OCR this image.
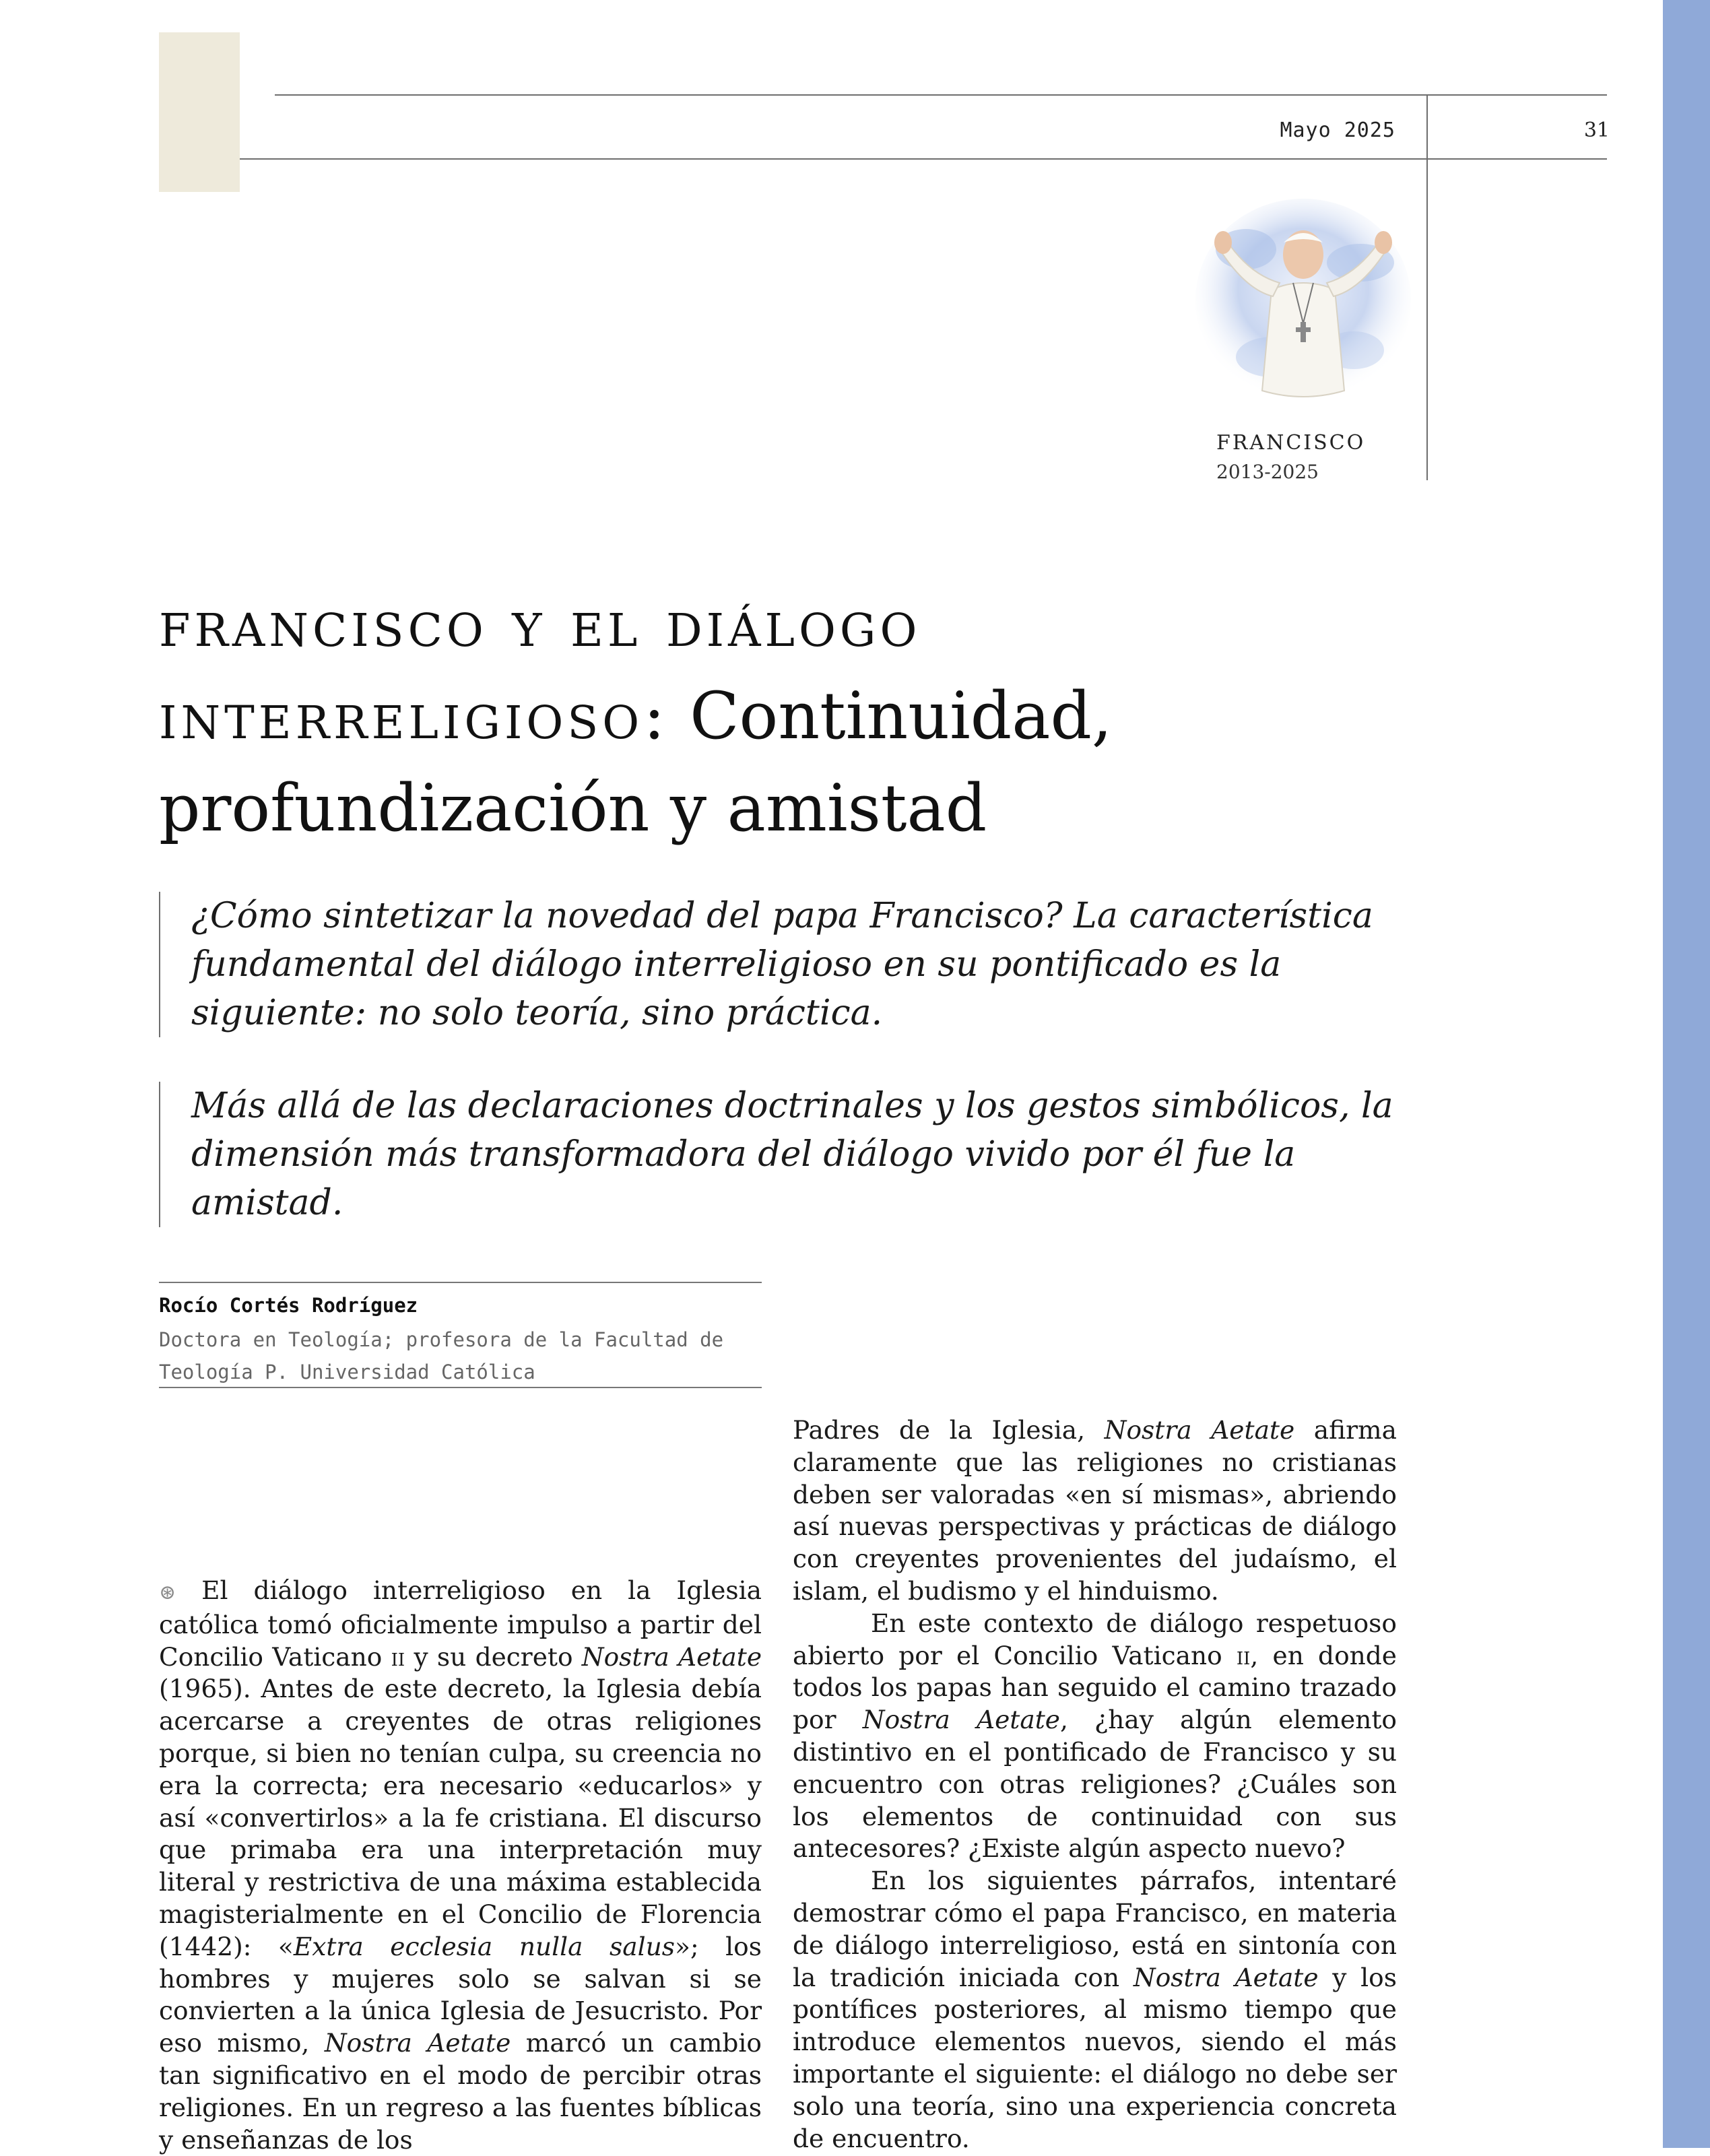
Mayo 2025	31
FRANCISCO
2013-2025
francisco y el diálogo
interreligioso: Continuidad,
profundización y amistad

¿Cómo sintetizar la novedad del papa Francisco? La característica fundamental del diálogo interreligioso en su pontificado es la siguiente: no solo teoría, sino práctica.

Más allá de las declaraciones doctrinales y los gestos simbólicos, la dimensión más transformadora del diálogo vivido por él fue la amistad.

Rocío Cortés Rodríguez
Doctora en Teología; profesora de la Facultad de Teología P. Universidad Católica

⊛ El diálogo interreligioso en la Iglesia católica tomó oficialmente impulso a partir del Concilio Vaticano ii y su decreto Nostra Aetate (1965). Antes de este decreto, la Iglesia debía acercarse a creyentes de otras religiones porque, si bien no tenían culpa, su creencia no era la correcta; era necesario «educarlos» y así «convertirlos» a la fe cristiana. El discurso que primaba era una interpretación muy literal y restrictiva de una máxima establecida magisterialmente en el Concilio de Florencia (1442): «Extra ecclesia nulla salus»; los hombres y mujeres solo se salvan si se convierten a la única Iglesia de Jesucristo. Por eso mismo, Nostra Aetate marcó un cambio tan significativo en el modo de percibir otras religiones. En un regreso a las fuentes bíblicas y enseñanzas de los

Padres de la Iglesia, Nostra Aetate afirma claramente que las religiones no cristianas deben ser valoradas «en sí mismas», abriendo así nuevas perspectivas y prácticas de diálogo con creyentes provenientes del judaísmo, el islam, el budismo y el hinduismo.

En este contexto de diálogo respetuoso abierto por el Concilio Vaticano ii, en donde todos los papas han seguido el camino trazado por Nostra Aetate, ¿hay algún elemento distintivo en el pontificado de Francisco y su encuentro con otras religiones? ¿Cuáles son los elementos de continuidad con sus antecesores? ¿Existe algún aspecto nuevo?

En los siguientes párrafos, intentaré demostrar cómo el papa Francisco, en materia de diálogo interreligioso, está en sintonía con la tradición iniciada con Nostra Aetate y los pontífices posteriores, al mismo tiempo que introduce elementos nuevos, siendo el más importante el siguiente: el diálogo no debe ser solo una teoría, sino una experiencia concreta de encuentro.
